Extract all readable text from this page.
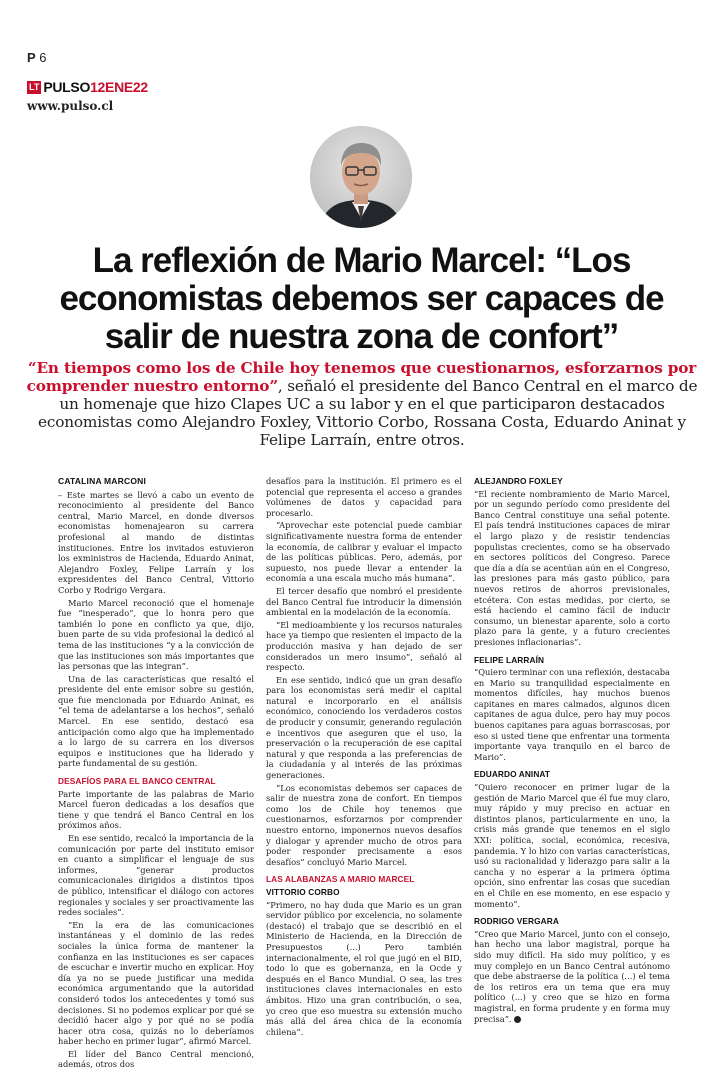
P 6
LT PULSO 12ENE22
www.pulso.cl
La reflexión de Mario Marcel: “Los economistas debemos ser capaces de salir de nuestra zona de confort”

“En tiempos como los de Chile hoy tenemos que cuestionarnos, esforzarnos por comprender nuestro entorno”, señaló el presidente del Banco Central en el marco de un homenaje que hizo Clapes UC a su labor y en el que participaron destacados economistas como Alejandro Foxley, Vittorio Corbo, Rossana Costa, Eduardo Aninat y Felipe Larraín, entre otros.

CATALINA MARCONI

– Este martes se llevó a cabo un evento de reconocimiento al presidente del Banco central, Mario Marcel, en donde diversos economistas homenajearon su carrera profesional al mando de distintas instituciones. Entre los invitados estuvieron los exministros de Hacienda, Eduardo Aninat, Alejandro Foxley, Felipe Larraín y los expresidentes del Banco Central, Vittorio Corbo y Rodrigo Vergara.

Mario Marcel reconoció que el homenaje fue “inesperado”, que lo honra pero que también lo pone en conflicto ya que, dijo, buen parte de su vida profesional la dedicó al tema de las instituciones “y a la convicción de que las instituciones son más importantes que las personas que las integran”.

Una de las características que resaltó el presidente del ente emisor sobre su gestión, que fue mencionada por Eduardo Aninat, es “el tema de adelantarse a los hechos”, señaló Marcel. En ese sentido, destacó esa anticipación como algo que ha implementado a lo largo de su carrera en los diversos equipos e instituciones que ha liderado y parte fundamental de su gestión.

DESAFÍOS PARA EL BANCO CENTRAL

Parte importante de las palabras de Mario Marcel fueron dedicadas a los desafíos que tiene y que tendrá el Banco Central en los próximos años.

En ese sentido, recalcó la importancia de la comunicación por parte del instituto emisor en cuanto a simplificar el lenguaje de sus informes, “generar productos comunicacionales dirigidos a distintos tipos de público, intensificar el diálogo con actores regionales y sociales y ser proactivamente las redes sociales”.

“En la era de las comunicaciones instantáneas y el dominio de las redes sociales la única forma de mantener la confianza en las instituciones es ser capaces de escuchar e invertir mucho en explicar. Hoy día ya no se puede justificar una medida económica argumentando que la autoridad consideró todos los antecedentes y tomó sus decisiones. Si no podemos explicar por qué se decidió hacer algo y por qué no se podía hacer otra cosa, quizás no lo deberíamos haber hecho en primer lugar”, afirmó Marcel.

El líder del Banco Central mencionó, además, otros dos

desafíos para la institución. El primero es el potencial que representa el acceso a grandes volúmenes de datos y capacidad para procesarlo.

“Aprovechar este potencial puede cambiar significativamente nuestra forma de entender la economía, de calibrar y evaluar el impacto de las políticas públicas. Pero, además, por supuesto, nos puede llevar a entender la economía a una escala mucho más humana”.

El tercer desafío que nombró el presidente del Banco Central fue introducir la dimensión ambiental en la modelación de la economía.

“El medioambiente y los recursos naturales hace ya tiempo que resienten el impacto de la producción masiva y han dejado de ser considerados un mero insumo”, señaló al respecto.

En ese sentido, indicó que un gran desafío para los economistas será medir el capital natural e incorporarlo en el análisis económico, conociendo los verdaderos costos de producir y consumir, generando regulación e incentivos que aseguren que el uso, la preservación o la recuperación de ese capital natural y que responda a las preferencias de la ciudadanía y al interés de las próximas generaciones.

“Los economistas debemos ser capaces de salir de nuestra zona de confort. En tiempos como los de Chile hoy tenemos que cuestionarnos, esforzarnos por comprender nuestro entorno, imponernos nuevos desafíos y dialogar y aprender mucho de otros para poder responder precisamente a esos desafíos” concluyó Mario Marcel.

LAS ALABANZAS A MARIO MARCEL
VITTORIO CORBO

“Primero, no hay duda que Mario es un gran servidor público por excelencia, no solamente (destacó) el trabajo que se describió en el Ministerio de Hacienda, en la Dirección de Presupuestos (...) Pero también internacionalmente, el rol que jugó en el BID, todo lo que es gobernanza, en la Ocde y después en el Banco Mundial. O sea, las tres instituciones claves internacionales en esto ámbitos. Hizo una gran contribución, o sea, yo creo que eso muestra su extensión mucho más allá del área chica de la economía chilena”.

ALEJANDRO FOXLEY

“El reciente nombramiento de Mario Marcel, por un segundo período como presidente del Banco Central constituye una señal potente. El país tendrá instituciones capaces de mirar el largo plazo y de resistir tendencias populistas crecientes, como se ha observado en sectores políticos del Congreso. Parece que día a día se acentúan aún en el Congreso, las presiones para más gasto público, para nuevos retiros de ahorros previsionales, etcétera. Con estas medidas, por cierto, se está haciendo el camino fácil de inducir consumo, un bienestar aparente, solo a corto plazo para la gente, y a futuro crecientes presiones inflacionarias”.

FELIPE LARRAÍN

“Quiero terminar con una reflexión, destacaba en Mario su tranquilidad especialmente en momentos difíciles, hay muchos buenos capitanes en mares calmados, algunos dicen capitanes de agua dulce, pero hay muy pocos buenos capitanes para aguas borrascosas, por eso si usted tiene que enfrentar una tormenta importante vaya tranquilo en el barco de Mario”.

EDUARDO ANINAT

“Quiero reconocer en primer lugar de la gestión de Mario Marcel que él fue muy claro, muy rápido y muy preciso en actuar en distintos planos, particularmente en uno, la crisis más grande que tenemos en el siglo XXI: política, social, económica, recesiva, pandemia. Y lo hizo con varias características, usó su racionalidad y liderazgo para salir a la cancha y no esperar a la primera óptima opción, sino enfrentar las cosas que sucedían en el Chile en ese momento, en ese espacio y momento”.

RODRIGO VERGARA

“Creo que Mario Marcel, junto con el consejo, han hecho una labor magistral, porque ha sido muy difícil. Ha sido muy político, y es muy complejo en un Banco Central autónomo que debe abstraerse de la política (...) el tema de los retiros era un tema que era muy político (...) y creo que se hizo en forma magistral, en forma prudente y en forma muy precisa”.
